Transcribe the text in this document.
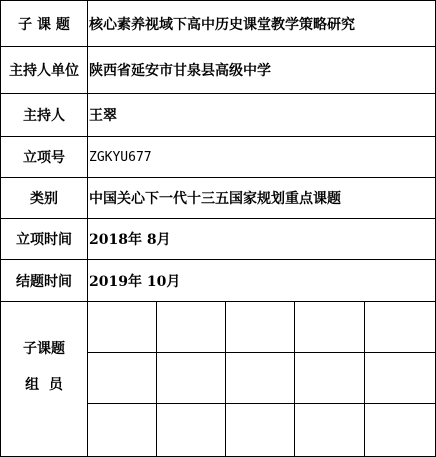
子 课 题	核心素养视域下高中历史课堂教学策略研究
主持人单位 陕西省延安市甘泉县高级中学
主持人	王翠
立项号	ZGKYU677
类别	中国关心下一代十三五国家规划重点课题
立项时间	2018年 8月
结题时间	2019年 10月
子课题
组  员
